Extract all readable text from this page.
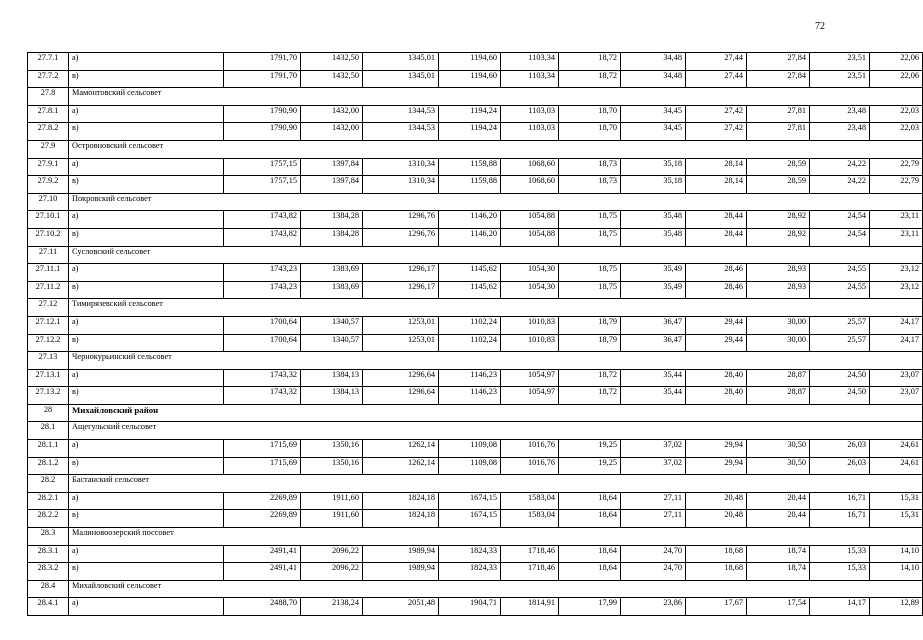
72
27.7.1	а)	1791,70	1432,50	1345,01	1194,60	1103,34	18,72	34,48	27,44	27,84	23,51	22,06
27.7.2	в)	1791,70	1432,50	1345,01	1194,60	1103,34	18,72	34,48	27,44	27,84	23,51	22,06
27.8	Мамонтовский сельсовет											
27.8.1	а)	1790,90	1432,00	1344,53	1194,24	1103,03	18,70	34,45	27,42	27,81	23,48	22,03
27.8.2	в)	1790,90	1432,00	1344,53	1194,24	1103,03	18,70	34,45	27,42	27,81	23,48	22,03
27.9	Островновский сельсовет											
27.9.1	а)	1757,15	1397,84	1310,34	1159,88	1068,60	18,73	35,18	28,14	28,59	24,22	22,79
27.9.2	в)	1757,15	1397,84	1310,34	1159,88	1068,60	18,73	35,18	28,14	28,59	24,22	22,79
27.10	Покровский сельсовет											
27.10.1	а)	1743,82	1384,28	1296,76	1146,20	1054,88	18,75	35,48	28,44	28,92	24,54	23,11
27.10.2	в)	1743,82	1384,28	1296,76	1146,20	1054,88	18,75	35,48	28,44	28,92	24,54	23,11
27.11	Сусловский сельсовет											
27.11.1	а)	1743,23	1383,69	1296,17	1145,62	1054,30	18,75	35,49	28,46	28,93	24,55	23,12
27.11.2	в)	1743,23	1383,69	1296,17	1145,62	1054,30	18,75	35,49	28,46	28,93	24,55	23,12
27.12	Тимирязевский сельсовет											
27.12.1	а)	1700,64	1340,57	1253,01	1102,24	1010,83	18,79	36,47	29,44	30,00	25,57	24,17
27.12.2	в)	1700,64	1340,57	1253,01	1102,24	1010,83	18,79	36,47	29,44	30,00	25,57	24,17
27.13	Чернокурьинский сельсовет											
27.13.1	а)	1743,32	1384,13	1296,64	1146,23	1054,97	18,72	35,44	28,40	28,87	24,50	23,07
27.13.2	в)	1743,32	1384,13	1296,64	1146,23	1054,97	18,72	35,44	28,40	28,87	24,50	23,07
28	Михайловский район											
28.1	Ащегульский сельсовет											
28.1.1	а)	1715,69	1350,16	1262,14	1109,08	1016,76	19,25	37,02	29,94	30,50	26,03	24,61
28.1.2	в)	1715,69	1350,16	1262,14	1109,08	1016,76	19,25	37,02	29,94	30,50	26,03	24,61
28.2	Бастанский сельсовет											
28.2.1	а)	2269,89	1911,60	1824,18	1674,15	1583,04	18,64	27,11	20,48	20,44	16,71	15,31
28.2.2	в)	2269,89	1911,60	1824,18	1674,15	1583,04	18,64	27,11	20,48	20,44	16,71	15,31
28.3	Малиновоозерский поссовет											
28.3.1	а)	2491,41	2096,22	1989,94	1824,33	1718,46	18,64	24,70	18,68	18,74	15,33	14,10
28.3.2	в)	2491,41	2096,22	1989,94	1824,33	1718,46	18,64	24,70	18,68	18,74	15,33	14,10
28.4	Михайловский сельсовет											
28.4.1	а)	2488,70	2138,24	2051,48	1904,71	1814,91	17,99	23,86	17,67	17,54	14,17	12,89
